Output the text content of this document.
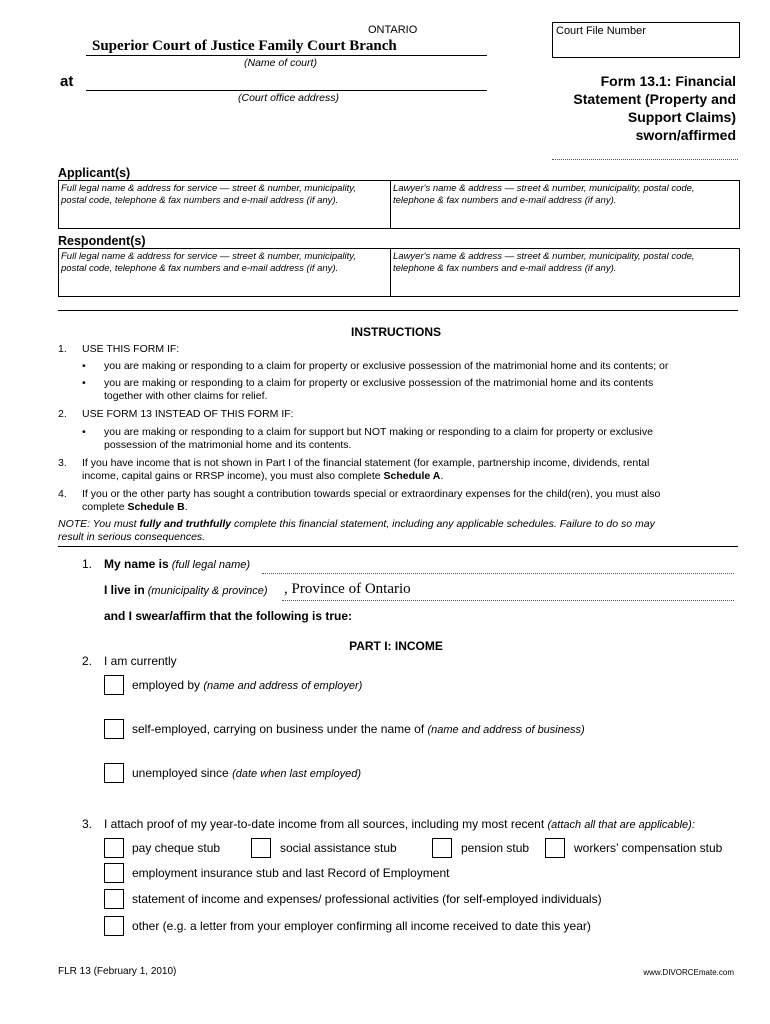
ONTARIO
Superior Court of Justice Family Court Branch
(Name of court)
at
(Court office address)
Court File Number
Form 13.1: Financial
Statement (Property and
Support Claims)
sworn/affirmed
Applicant(s)
Full legal name & address for service — street & number, municipality,
postal code, telephone & fax numbers and e-mail address (if any).
Lawyer's name & address — street & number, municipality, postal code,
telephone & fax numbers and e-mail address (if any).
Respondent(s)
Full legal name & address for service — street & number, municipality,
postal code, telephone & fax numbers and e-mail address (if any).
Lawyer's name & address — street & number, municipality, postal code,
telephone & fax numbers and e-mail address (if any).
INSTRUCTIONS
1. USE THIS FORM IF:
• you are making or responding to a claim for property or exclusive possession of the matrimonial home and its contents; or
• you are making or responding to a claim for property or exclusive possession of the matrimonial home and its contents
together with other claims for relief.
2. USE FORM 13 INSTEAD OF THIS FORM IF:
• you are making or responding to a claim for support but NOT making or responding to a claim for property or exclusive
possession of the matrimonial home and its contents.
3. If you have income that is not shown in Part I of the financial statement (for example, partnership income, dividends, rental
income, capital gains or RRSP income), you must also complete Schedule A.
4. If you or the other party has sought a contribution towards special or extraordinary expenses for the child(ren), you must also
complete Schedule B.
NOTE: You must fully and truthfully complete this financial statement, including any applicable schedules. Failure to do so may
result in serious consequences.
1. My name is (full legal name)
I live in (municipality & province) , Province of Ontario
and I swear/affirm that the following is true:
PART I: INCOME
2. I am currently
employed by (name and address of employer)
self-employed, carrying on business under the name of (name and address of business)
unemployed since (date when last employed)
3. I attach proof of my year-to-date income from all sources, including my most recent (attach all that are applicable):
pay cheque stub	social assistance stub	pension stub	workers’ compensation stub
employment insurance stub and last Record of Employment
statement of income and expenses/ professional activities (for self-employed individuals)
other (e.g. a letter from your employer confirming all income received to date this year)
FLR 13 (February 1, 2010)	www.DIVORCEmate.com
